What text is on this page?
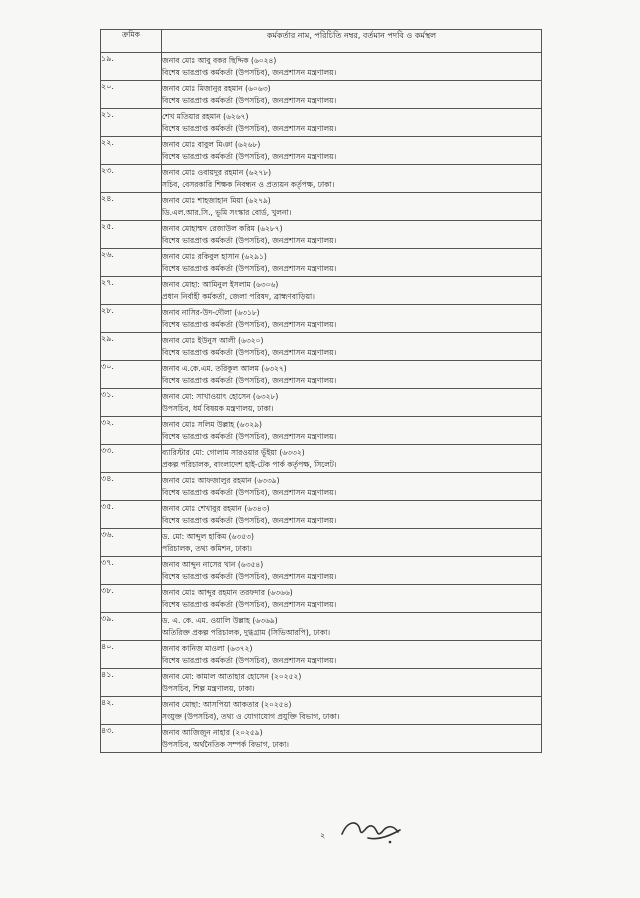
ক্রমিক	কর্মকর্তার নাম, পরিচিতি নম্বর, বর্তমান পদবি ও কর্মস্থল
১৯.	জনাব মোঃ আবু বকর ছিদ্দিক (৬০২৪)
বিশেষ ভারপ্রাপ্ত কর্মকর্তা (উপসচিব), জনপ্রশাসন মন্ত্রণালয়।

২০.	জনাব মোঃ মিজানুর রহমান (৬০৬৩)
বিশেষ ভারপ্রাপ্ত কর্মকর্তা (উপসচিব), জনপ্রশাসন মন্ত্রণালয়।

২১.	শেখ মতিয়ার রহমান (৬২৬৭)
বিশেষ ভারপ্রাপ্ত কর্মকর্তা (উপসচিব), জনপ্রশাসন মন্ত্রণালয়।

২২.	জনাব মোঃ বাবুল মিঞা (৬২৬৮)
বিশেষ ভারপ্রাপ্ত কর্মকর্তা (উপসচিব), জনপ্রশাসন মন্ত্রণালয়।

২৩.	জনাব মোঃ ওবায়দুর রহমান (৬২৭৮)
সচিব, বেসরকারি শিক্ষক নিবন্ধন ও প্রত্যয়ন কর্তৃপক্ষ, ঢাকা।

২৪.	জনাব মোঃ শাহজাহান মিয়া (৬২৭৯)
ডি.এল.আর.সি., ভূমি সংস্কার বোর্ড, খুলনা।

২৫.	জনাব মোহাম্মদ রেজাউল করিম (৬২৮৭)
বিশেষ ভারপ্রাপ্ত কর্মকর্তা (উপসচিব), জনপ্রশাসন মন্ত্রণালয়।

২৬.	জনাব মোঃ রকিবুল হাসান (৬২৯১)
বিশেষ ভারপ্রাপ্ত কর্মকর্তা (উপসচিব), জনপ্রশাসন মন্ত্রণালয়।

২৭.	জনাব মোহা: আমিনুল ইসলাম (৬৩০৬)
প্রধান নির্বাহী কর্মকর্তা, জেলা পরিষদ, ব্রাহ্মণবাড়িয়া।

২৮.	জনাব নাসির-উদ-দৌলা (৬৩১৮)
বিশেষ ভারপ্রাপ্ত কর্মকর্তা (উপসচিব), জনপ্রশাসন মন্ত্রণালয়।

২৯.	জনাব মোঃ ইউনুস আলী (৬৩২০)
বিশেষ ভারপ্রাপ্ত কর্মকর্তা (উপসচিব), জনপ্রশাসন মন্ত্রণালয়।

৩০.	জনাব এ.কে.এম. তরিকুল আলম (৬৩২৭)
বিশেষ ভারপ্রাপ্ত কর্মকর্তা (উপসচিব), জনপ্রশাসন মন্ত্রণালয়।

৩১.	জনাব মো: সাখাওয়াৎ হোসেন (৬৩২৮)
উপসচিব, ধর্ম বিষয়ক মন্ত্রণালয়, ঢাকা।

৩২.	জনাব মোঃ সলিম উল্লাহ (৬৩২৯)
বিশেষ ভারপ্রাপ্ত কর্মকর্তা (উপসচিব), জনপ্রশাসন মন্ত্রণালয়।

৩৩.	ব্যারিস্টার মো: গোলাম সারওয়ার ভূঁইয়া (৬৩৩২)
প্রকল্প পরিচালক, বাংলাদেশ হাই-টেক পার্ক কর্তৃপক্ষ, সিলেট।

৩৪.	জনাব মোঃ আফজালুর রহমান (৬৩৩৯)
বিশেষ ভারপ্রাপ্ত কর্মকর্তা (উপসচিব), জনপ্রশাসন মন্ত্রণালয়।

৩৫.	জনাব মোঃ শেখাবুর রহমান (৬৩৪৩)
বিশেষ ভারপ্রাপ্ত কর্মকর্তা (উপসচিব), জনপ্রশাসন মন্ত্রণালয়।

৩৬.	ড. মো: আব্দুল হাকিম (৬৩৫৩)
পরিচালক, তথ্য কমিশন, ঢাকা।

৩৭.	জনাব আব্দুন নাসের খান (৬৩৫৪)
বিশেষ ভারপ্রাপ্ত কর্মকর্তা (উপসচিব), জনপ্রশাসন মন্ত্রণালয়।

৩৮.	জনাব মোঃ আব্দুর রহমান তরফদার (৬৩৬৬)
বিশেষ ভারপ্রাপ্ত কর্মকর্তা (উপসচিব), জনপ্রশাসন মন্ত্রণালয়।

৩৯.	ড. এ. কে. এম. ওয়ালি উল্লাহ (৬৩৬৯)
অতিরিক্ত প্রকল্প পরিচালক, দুগ্ধগ্রাম (সিভিআরপি), ঢাকা।

৪০.	জনাব কানিজ মাওলা (৬৩৭২)
বিশেষ ভারপ্রাপ্ত কর্মকর্তা (উপসচিব), জনপ্রশাসন মন্ত্রণালয়।

৪১.	জনাব মো: কামাল আতাহার হোসেন (২০২৫২)
উপসচিব, শিল্প মন্ত্রণালয়, ঢাকা।

৪২.	জনাব মোছা: আসপিয়া আকতার (২০২৫৪)
সংযুক্ত (উপসচিব), তথ্য ও যোগাযোগ প্রযুক্তি বিভাগ, ঢাকা।

৪৩.	জনাব আজিজুন নাহার (২০২৫৯)
উপসচিব, অর্থনৈতিক সম্পর্ক বিভাগ, ঢাকা।
২
